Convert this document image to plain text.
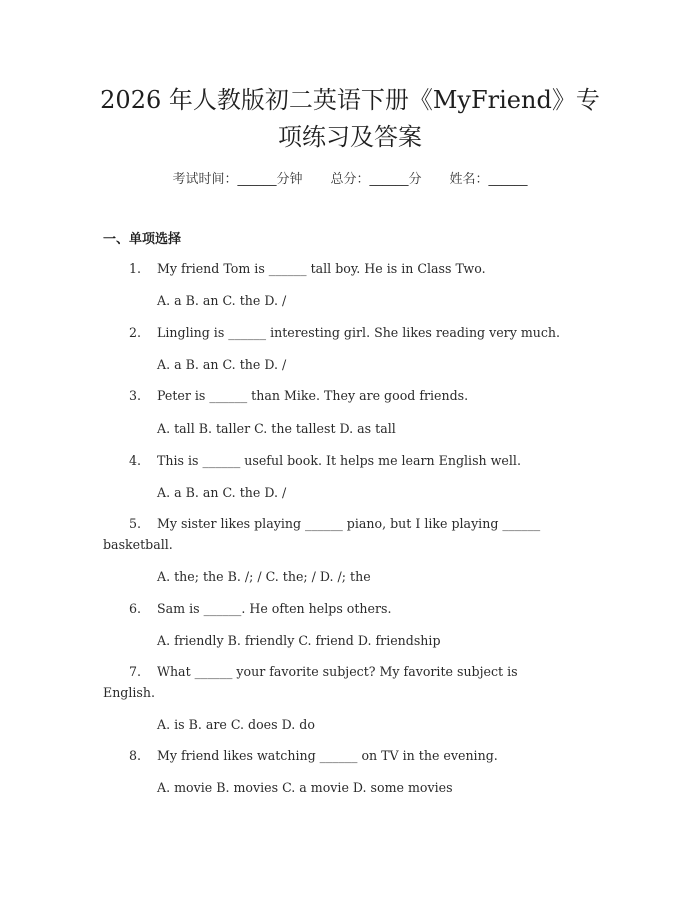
2026 年人教版初二英语下册《MyFriend》专
项练习及答案
考试时间：______分钟 总分：______分 姓名：______
一、单项选择
1. My friend Tom is ______ tall boy. He is in Class Two.
A. a B. an C. the D. /
2. Lingling is ______ interesting girl. She likes reading very much.
A. a B. an C. the D. /
3. Peter is ______ than Mike. They are good friends.
A. tall B. taller C. the tallest D. as tall
4. This is ______ useful book. It helps me learn English well.
A. a B. an C. the D. /
5. My sister likes playing ______ piano, but I like playing ______
basketball.
A. the; the B. /; / C. the; / D. /; the
6. Sam is ______. He often helps others.
A. friendly B. friendly C. friend D. friendship
7. What ______ your favorite subject? My favorite subject is
English.
A. is B. are C. does D. do
8. My friend likes watching ______ on TV in the evening.
A. movie B. movies C. a movie D. some movies
